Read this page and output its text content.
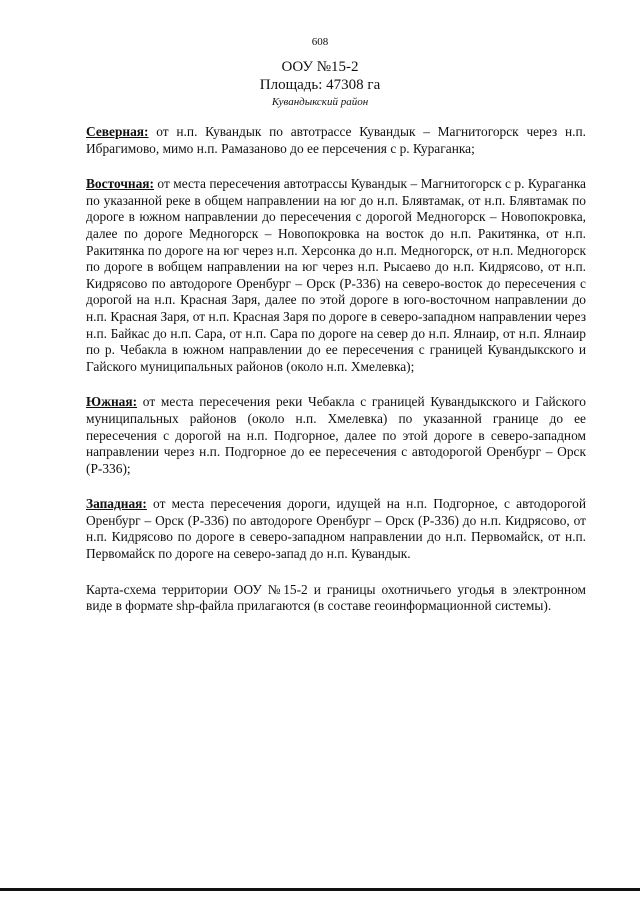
608
ООУ №15-2
Площадь: 47308 га
Кувандыкский район

Северная: от н.п. Кувандык по автотрассе Кувандык – Магнитогорск через н.п. Ибрагимово, мимо н.п. Рамазаново до ее персечения с р. Кураганка;

Восточная: от места пересечения автотрассы Кувандык – Магнитогорск с р. Кураганка по указанной реке в общем направлении на юг до н.п. Блявтамак, от н.п. Блявтамак по дороге в южном направлении до пересечения с дорогой Медногорск – Новопокровка, далее по дороге Медногорск – Новопокровка на восток до н.п. Ракитянка, от н.п. Ракитянка по дороге на юг через н.п. Херсонка до н.п. Медногорск, от н.п. Медногорск по дороге в вобщем направлении на юг через н.п. Рысаево до н.п. Кидрясово, от н.п. Кидрясово по автодороге Оренбург – Орск (Р-336) на северо-восток до пересечения с дорогой на н.п. Красная Заря, далее по этой дороге в юго-восточном направлении до н.п. Красная Заря, от н.п. Красная Заря по дороге в северо-западном направлении через н.п. Байкас до н.п. Сара, от н.п. Сара по дороге на север до н.п. Ялнаир, от н.п. Ялнаир по р. Чебакла в южном направлении до ее пересечения с границей Кувандыкского и Гайского муниципальных районов (около н.п. Хмелевка);

Южная: от места пересечения реки Чебакла с границей Кувандыкского и Гайского муниципальных районов (около н.п. Хмелевка) по указанной границе до ее пересечения с дорогой на н.п. Подгорное, далее по этой дороге в северо-западном направлении через н.п. Подгорное до ее пересечения с автодорогой Оренбург – Орск (Р-336);

Западная: от места пересечения дороги, идущей на н.п. Подгорное, с автодорогой Оренбург – Орск (Р-336) по автодороге Оренбург – Орск (Р-336) до н.п. Кидрясово, от н.п. Кидрясово по дороге в северо-западном направлении до н.п. Первомайск, от н.п. Первомайск по дороге на северо-запад до н.п. Кувандык.

Карта-схема территории ООУ №15-2 и границы охотничьего угодья в электронном виде в формате shp-файла прилагаются (в составе геоинформационной системы).
